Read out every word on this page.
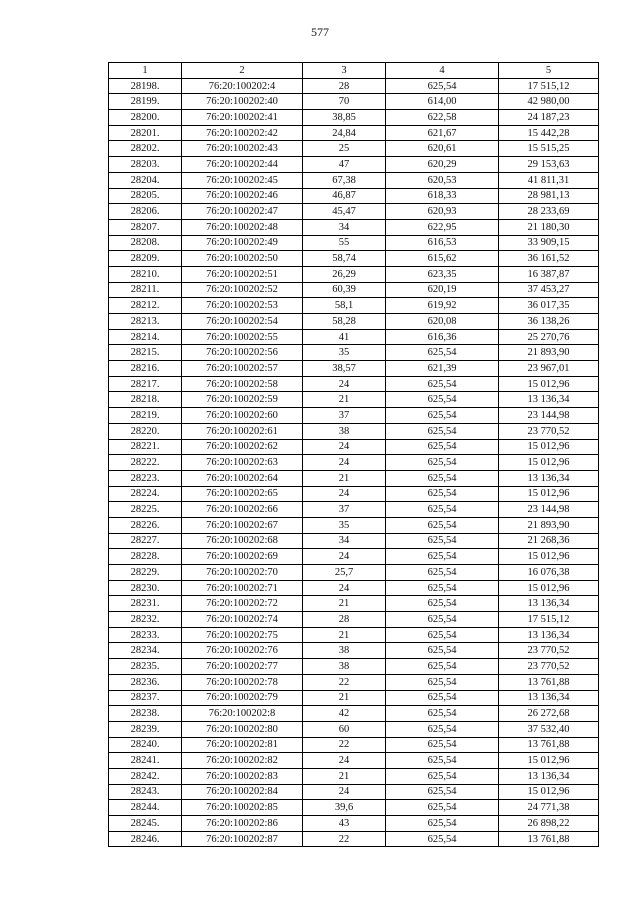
577
1	2	3	4	5
28198.	76:20:100202:4	28	625,54	17 515,12
28199.	76:20:100202:40	70	614,00	42 980,00
28200.	76:20:100202:41	38,85	622,58	24 187,23
28201.	76:20:100202:42	24,84	621,67	15 442,28
28202.	76:20:100202:43	25	620,61	15 515,25
28203.	76:20:100202:44	47	620,29	29 153,63
28204.	76:20:100202:45	67,38	620,53	41 811,31
28205.	76:20:100202:46	46,87	618,33	28 981,13
28206.	76:20:100202:47	45,47	620,93	28 233,69
28207.	76:20:100202:48	34	622,95	21 180,30
28208.	76:20:100202:49	55	616,53	33 909,15
28209.	76:20:100202:50	58,74	615,62	36 161,52
28210.	76:20:100202:51	26,29	623,35	16 387,87
28211.	76:20:100202:52	60,39	620,19	37 453,27
28212.	76:20:100202:53	58,1	619,92	36 017,35
28213.	76:20:100202:54	58,28	620,08	36 138,26
28214.	76:20:100202:55	41	616,36	25 270,76
28215.	76:20:100202:56	35	625,54	21 893,90
28216.	76:20:100202:57	38,57	621,39	23 967,01
28217.	76:20:100202:58	24	625,54	15 012,96
28218.	76:20:100202:59	21	625,54	13 136,34
28219.	76:20:100202:60	37	625,54	23 144,98
28220.	76:20:100202:61	38	625,54	23 770,52
28221.	76:20:100202:62	24	625,54	15 012,96
28222.	76:20:100202:63	24	625,54	15 012,96
28223.	76:20:100202:64	21	625,54	13 136,34
28224.	76:20:100202:65	24	625,54	15 012,96
28225.	76:20:100202:66	37	625,54	23 144,98
28226.	76:20:100202:67	35	625,54	21 893,90
28227.	76:20:100202:68	34	625,54	21 268,36
28228.	76:20:100202:69	24	625,54	15 012,96
28229.	76:20:100202:70	25,7	625,54	16 076,38
28230.	76:20:100202:71	24	625,54	15 012,96
28231.	76:20:100202:72	21	625,54	13 136,34
28232.	76:20:100202:74	28	625,54	17 515,12
28233.	76:20:100202:75	21	625,54	13 136,34
28234.	76:20:100202:76	38	625,54	23 770,52
28235.	76:20:100202:77	38	625,54	23 770,52
28236.	76:20:100202:78	22	625,54	13 761,88
28237.	76:20:100202:79	21	625,54	13 136,34
28238.	76:20:100202:8	42	625,54	26 272,68
28239.	76:20:100202:80	60	625,54	37 532,40
28240.	76:20:100202:81	22	625,54	13 761,88
28241.	76:20:100202:82	24	625,54	15 012,96
28242.	76:20:100202:83	21	625,54	13 136,34
28243.	76:20:100202:84	24	625,54	15 012,96
28244.	76:20:100202:85	39,6	625,54	24 771,38
28245.	76:20:100202:86	43	625,54	26 898,22
28246.	76:20:100202:87	22	625,54	13 761,88
